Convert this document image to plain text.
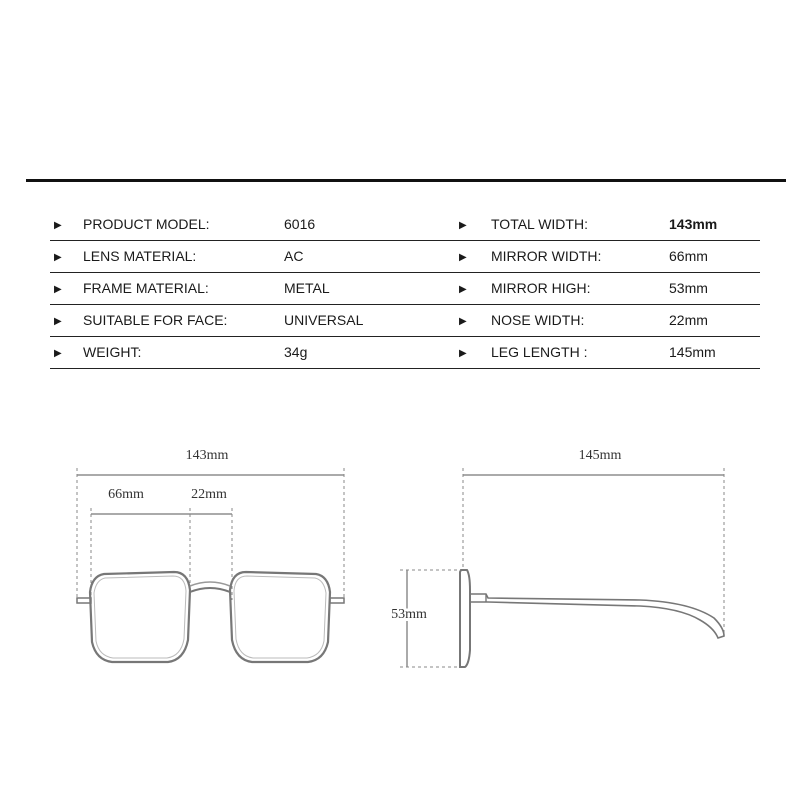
▶ PRODUCT MODEL:	6016	▶ TOTAL WIDTH:	143mm
▶ LENS MATERIAL:	AC	▶ MIRROR WIDTH:	66mm
▶ FRAME MATERIAL:	METAL	▶ MIRROR HIGH:	53mm
▶ SUITABLE FOR FACE:	UNIVERSAL	▶ NOSE WIDTH:	22mm
▶ WEIGHT:	34g	▶ LEG LENGTH :	145mm
143mm
66mm	22mm
145mm
53mm
